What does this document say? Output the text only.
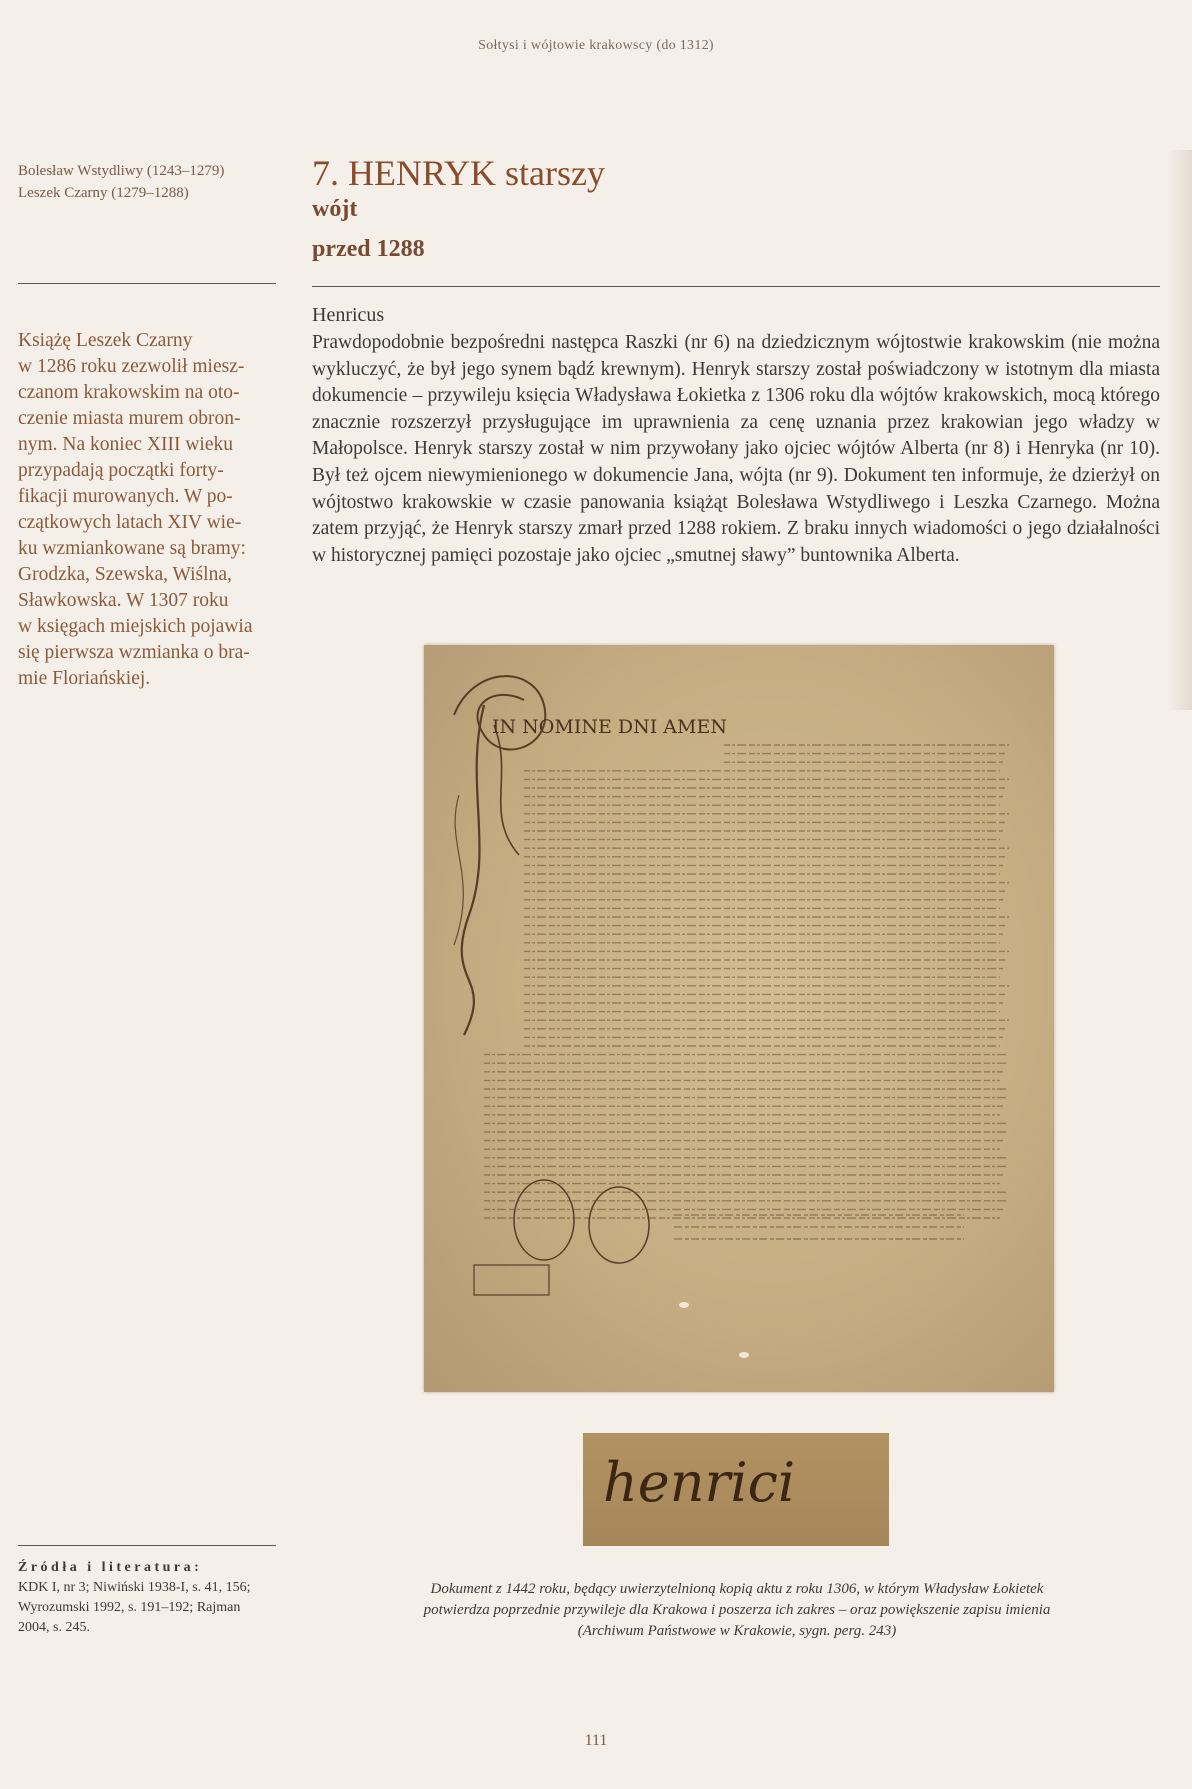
Sołtysi i wójtowie krakowscy (do 1312)
Bolesław Wstydliwy (1243–1279)
Leszek Czarny (1279–1288)
Książę Leszek Czarny
w 1286 roku zezwolił miesz-
czanom krakowskim na oto-
czenie miasta murem obron-
nym. Na koniec XIII wieku
przypadają początki forty-
fikacji murowanych. W po-
czątkowych latach XIV wie-
ku wzmiankowane są bramy:
Grodzka, Szewska, Wiślna,
Sławkowska. W 1307 roku
w księgach miejskich pojawia
się pierwsza wzmianka o bra-
mie Floriańskiej.
Źródła i literatura:
KDK I, nr 3; Niwiński 1938-I, s. 41, 156;
Wyrozumski 1992, s. 191–192; Rajman
2004, s. 245.
7. HENRYK starszy
wójt
przed 1288
Henricus
Prawdopodobnie bezpośredni następca Raszki (nr 6) na dziedzicznym wójtostwie krakowskim (nie można wykluczyć, że był jego synem bądź krewnym). Henryk starszy został poświadczony w istotnym dla miasta dokumencie – przywileju księcia Władysława Łokietka z 1306 roku dla wójtów krakowskich, mocą którego znacznie rozszerzył przysługujące im uprawnienia za cenę uznania przez krakowian jego władzy w Małopolsce. Henryk starszy został w nim przywołany jako ojciec wójtów Alberta (nr 8) i Henryka (nr 10). Był też ojcem niewymienionego w dokumencie Jana, wójta (nr 9). Dokument ten informuje, że dzierżył on wójtostwo krakowskie w czasie panowania książąt Bolesława Wstydliwego i Leszka Czarnego. Można zatem przyjąć, że Henryk starszy zmarł przed 1288 rokiem. Z braku innych wiadomości o jego działalności w historycznej pamięci pozostaje jako ojciec „smutnej sławy” buntownika Alberta.
IN NOMINE DNI AMEN
henrici
Dokument z 1442 roku, będący uwierzytelnioną kopią aktu z roku 1306, w którym Władysław Łokietek
potwierdza poprzednie przywileje dla Krakowa i poszerza ich zakres – oraz powiększenie zapisu imienia
(Archiwum Państwowe w Krakowie, sygn. perg. 243)
111
